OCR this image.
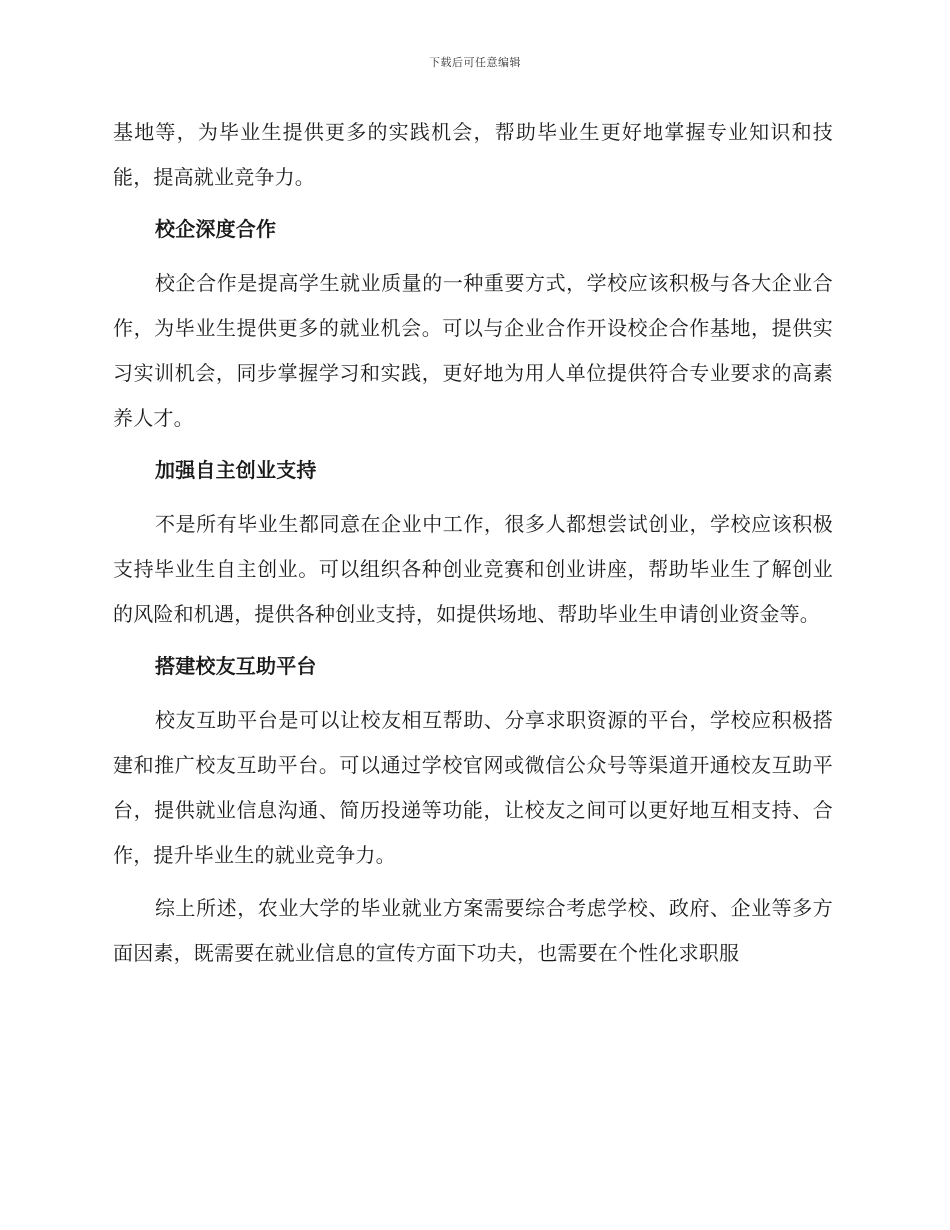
下载后可任意编辑

基地等，为毕业生提供更多的实践机会，帮助毕业生更好地掌握专业知识和技能，提高就业竞争力。

校企深度合作

校企合作是提高学生就业质量的一种重要方式，学校应该积极与各大企业合作，为毕业生提供更多的就业机会。可以与企业合作开设校企合作基地，提供实习实训机会，同步掌握学习和实践，更好地为用人单位提供符合专业要求的高素养人才。

加强自主创业支持

不是所有毕业生都同意在企业中工作，很多人都想尝试创业，学校应该积极支持毕业生自主创业。可以组织各种创业竞赛和创业讲座，帮助毕业生了解创业的风险和机遇，提供各种创业支持，如提供场地、帮助毕业生申请创业资金等。

搭建校友互助平台

校友互助平台是可以让校友相互帮助、分享求职资源的平台，学校应积极搭建和推广校友互助平台。可以通过学校官网或微信公众号等渠道开通校友互助平台，提供就业信息沟通、简历投递等功能，让校友之间可以更好地互相支持、合作，提升毕业生的就业竞争力。

综上所述，农业大学的毕业就业方案需要综合考虑学校、政府、企业等多方面因素，既需要在就业信息的宣传方面下功夫，也需要在个性化求职服
